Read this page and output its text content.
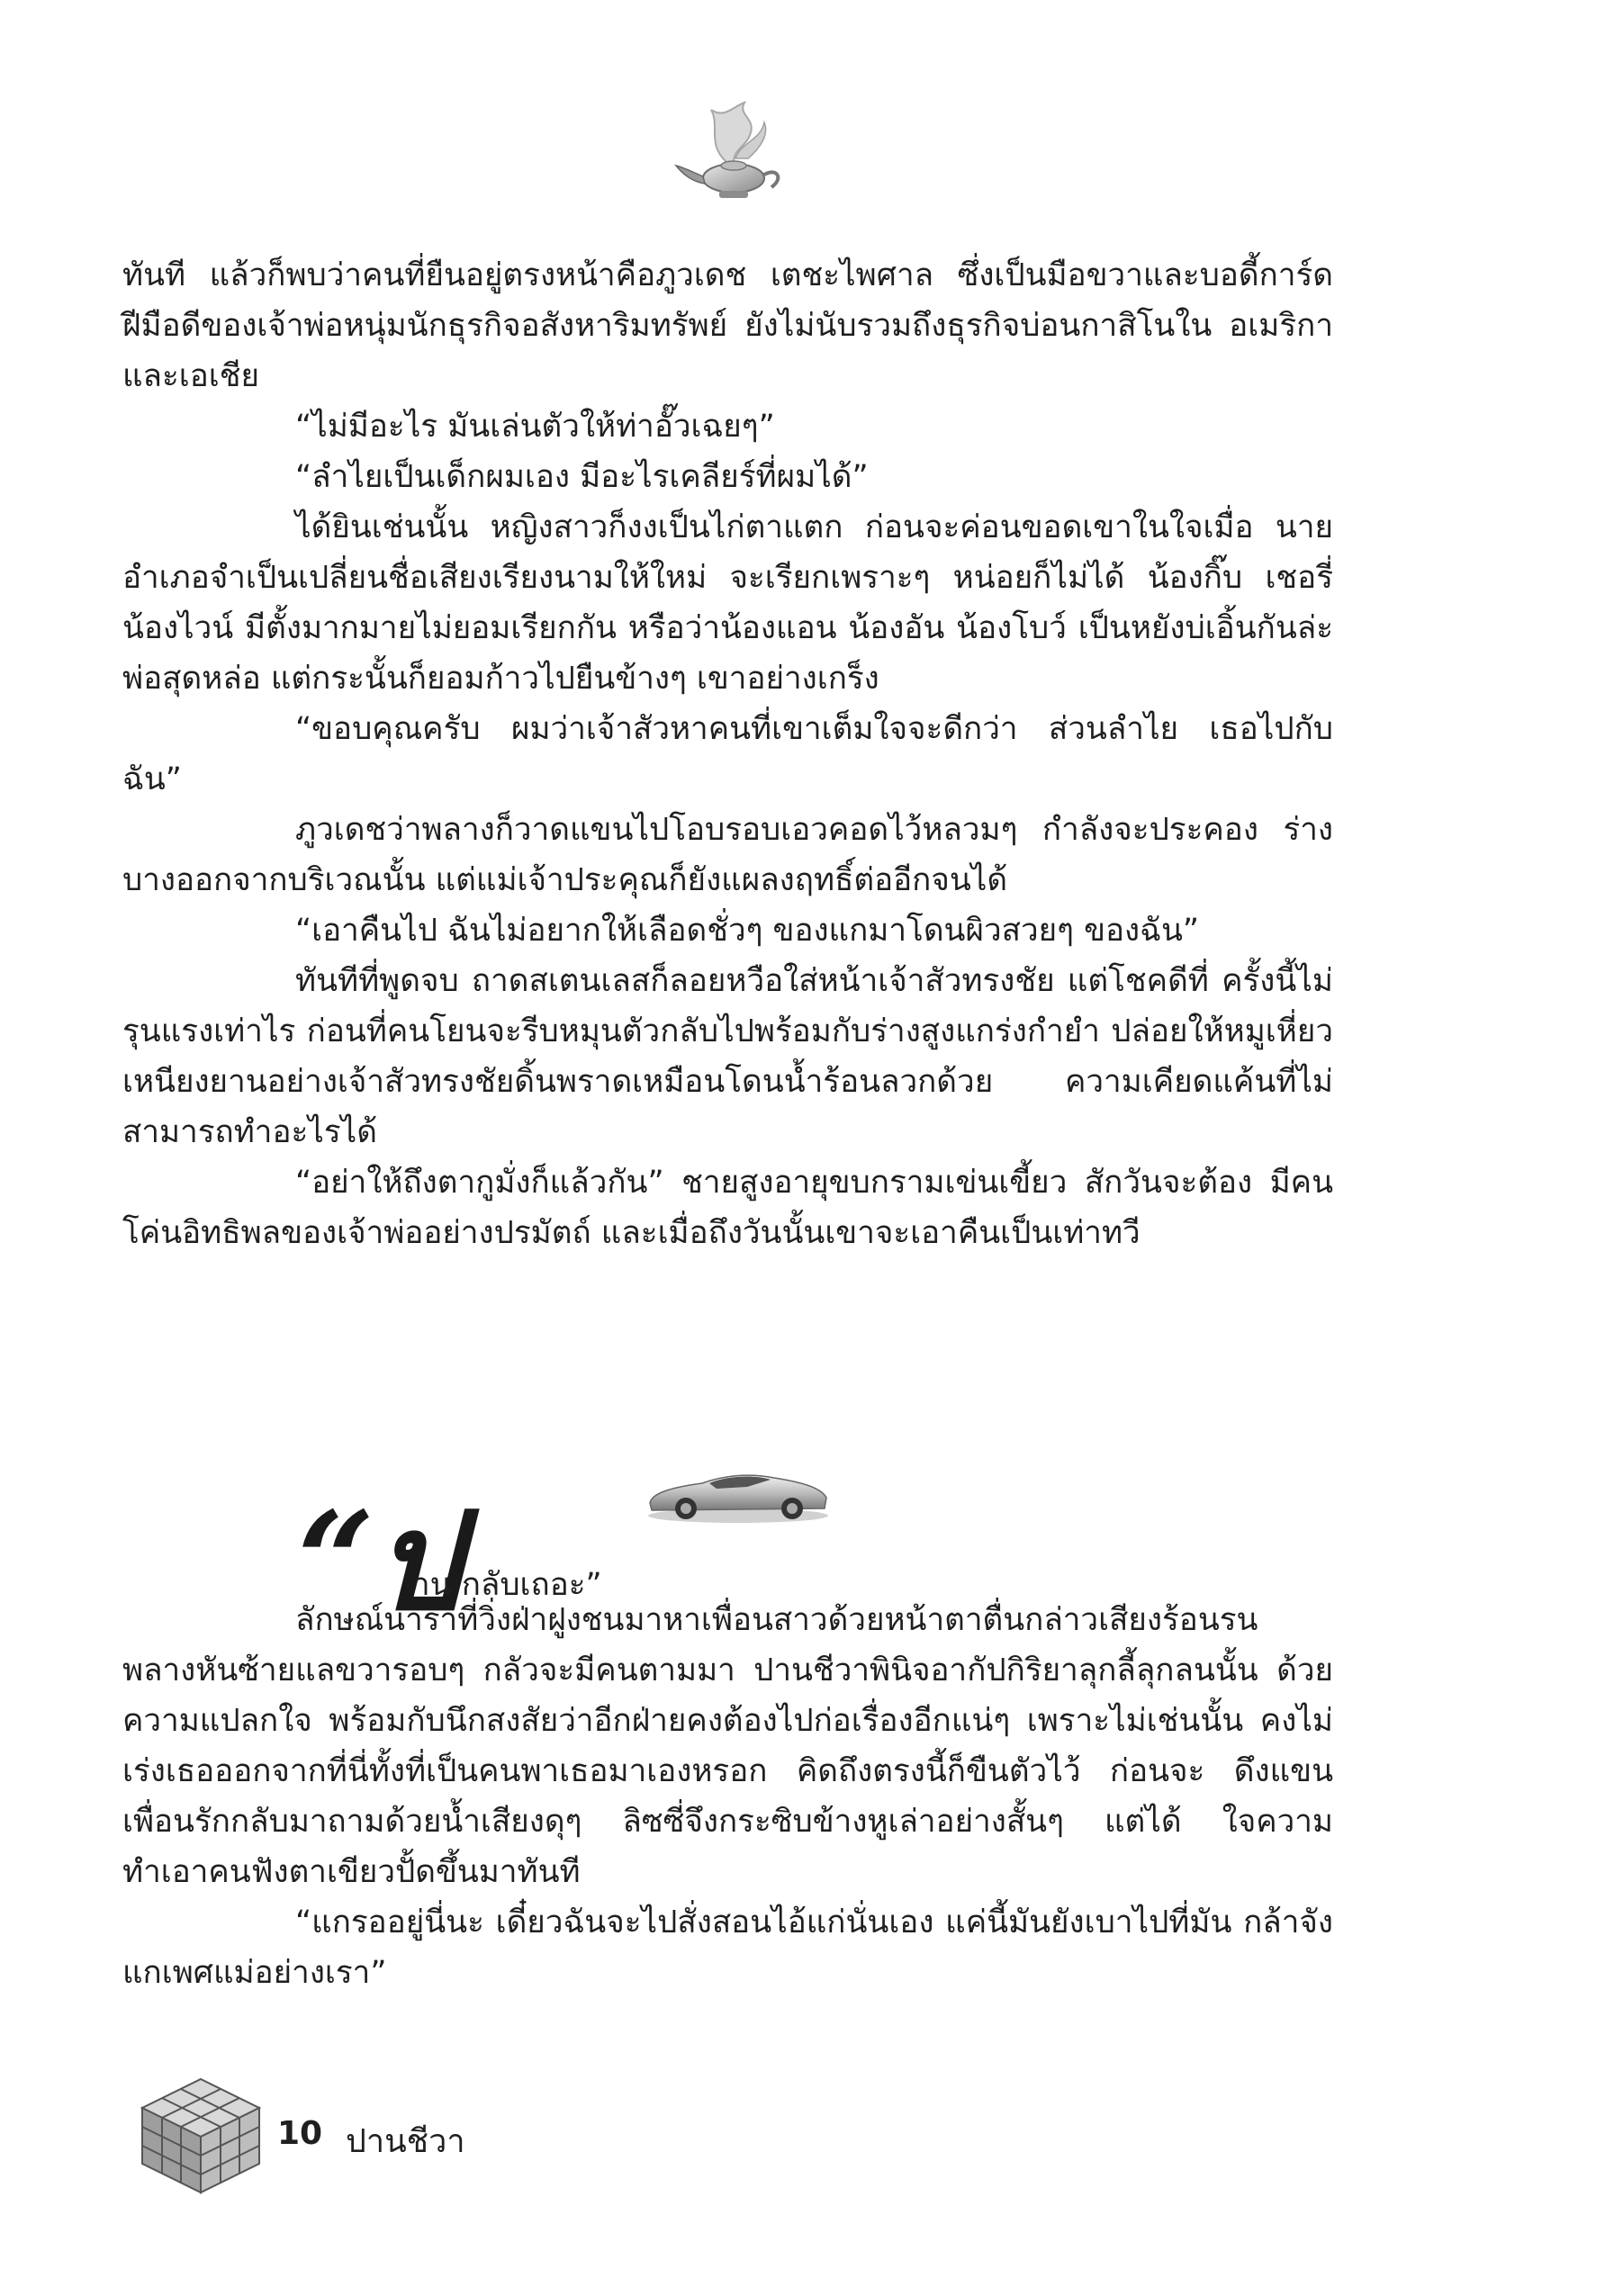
ทันที แล้วก็พบว่าคนที่ยืนอยู่ตรงหน้าคือภูวเดช เตชะไพศาล ซึ่งเป็นมือขวาและบอดี้การ์ด ฝีมือดีของเจ้าพ่อหนุ่มนักธุรกิจอสังหาริมทรัพย์ ยังไม่นับรวมถึงธุรกิจบ่อนกาสิโนใน อเมริกาและเอเชีย

“ไม่มีอะไร มันเล่นตัวให้ท่าอั๊วเฉยๆ”

“ลำไยเป็นเด็กผมเอง มีอะไรเคลียร์ที่ผมได้”

ได้ยินเช่นนั้น หญิงสาวก็งงเป็นไก่ตาแตก ก่อนจะค่อนขอดเขาในใจเมื่อ นายอำเภอจำเป็นเปลี่ยนชื่อเสียงเรียงนามให้ใหม่ จะเรียกเพราะๆ หน่อยก็ไม่ได้ น้องกิ๊บ เชอรี่ น้องไวน์ มีตั้งมากมายไม่ยอมเรียกกัน หรือว่าน้องแอน น้องอัน น้องโบว์ เป็นหยังบ่เอิ้นกันล่ะพ่อสุดหล่อ แต่กระนั้นก็ยอมก้าวไปยืนข้างๆ เขาอย่างเกร็ง

“ขอบคุณครับ ผมว่าเจ้าสัวหาคนที่เขาเต็มใจจะดีกว่า ส่วนลำไย เธอไปกับ ฉัน”

ภูวเดชว่าพลางก็วาดแขนไปโอบรอบเอวคอดไว้หลวมๆ กำลังจะประคอง ร่างบางออกจากบริเวณนั้น แต่แม่เจ้าประคุณก็ยังแผลงฤทธิ์ต่ออีกจนได้

“เอาคืนไป ฉันไม่อยากให้เลือดชั่วๆ ของแกมาโดนผิวสวยๆ ของฉัน”

ทันทีที่พูดจบ ถาดสเตนเลสก็ลอยหวือใส่หน้าเจ้าสัวทรงชัย แต่โชคดีที่ ครั้งนี้ไม่รุนแรงเท่าไร ก่อนที่คนโยนจะรีบหมุนตัวกลับไปพร้อมกับร่างสูงแกร่งกำยำ ปล่อยให้หมูเหี่ยวเหนียงยานอย่างเจ้าสัวทรงชัยดิ้นพราดเหมือนโดนน้ำร้อนลวกด้วย ความเคียดแค้นที่ไม่สามารถทำอะไรได้

“อย่าให้ถึงตากูมั่งก็แล้วกัน” ชายสูงอายุขบกรามเข่นเขี้ยว สักวันจะต้อง มีคนโค่นอิทธิพลของเจ้าพ่ออย่างปรมัตถ์ และเมื่อถึงวันนั้นเขาจะเอาคืนเป็นเท่าทวี

“ป
าน กลับเถอะ”

ลักษณ์นาราที่วิ่งฝ่าฝูงชนมาหาเพื่อนสาวด้วยหน้าตาตื่นกล่าวเสียงร้อนรน พลางหันซ้ายแลขวารอบๆ กลัวจะมีคนตามมา ปานชีวาพินิจอากัปกิริยาลุกลี้ลุกลนนั้น ด้วยความแปลกใจ พร้อมกับนึกสงสัยว่าอีกฝ่ายคงต้องไปก่อเรื่องอีกแน่ๆ เพราะไม่เช่นนั้น คงไม่เร่งเธอออกจากที่นี่ทั้งที่เป็นคนพาเธอมาเองหรอก คิดถึงตรงนี้ก็ขืนตัวไว้ ก่อนจะ ดึงแขนเพื่อนรักกลับมาถามด้วยน้ำเสียงดุๆ ลิซซี่จึงกระซิบข้างหูเล่าอย่างสั้นๆ แต่ได้ ใจความ ทำเอาคนฟังตาเขียวปั้ดขึ้นมาทันที

“แกรออยู่นี่นะ เดี๋ยวฉันจะไปสั่งสอนไอ้แก่นั่นเอง แค่นี้มันยังเบาไปที่มัน กล้าจังแกเพศแม่อย่างเรา”

10 ปานชีวา
